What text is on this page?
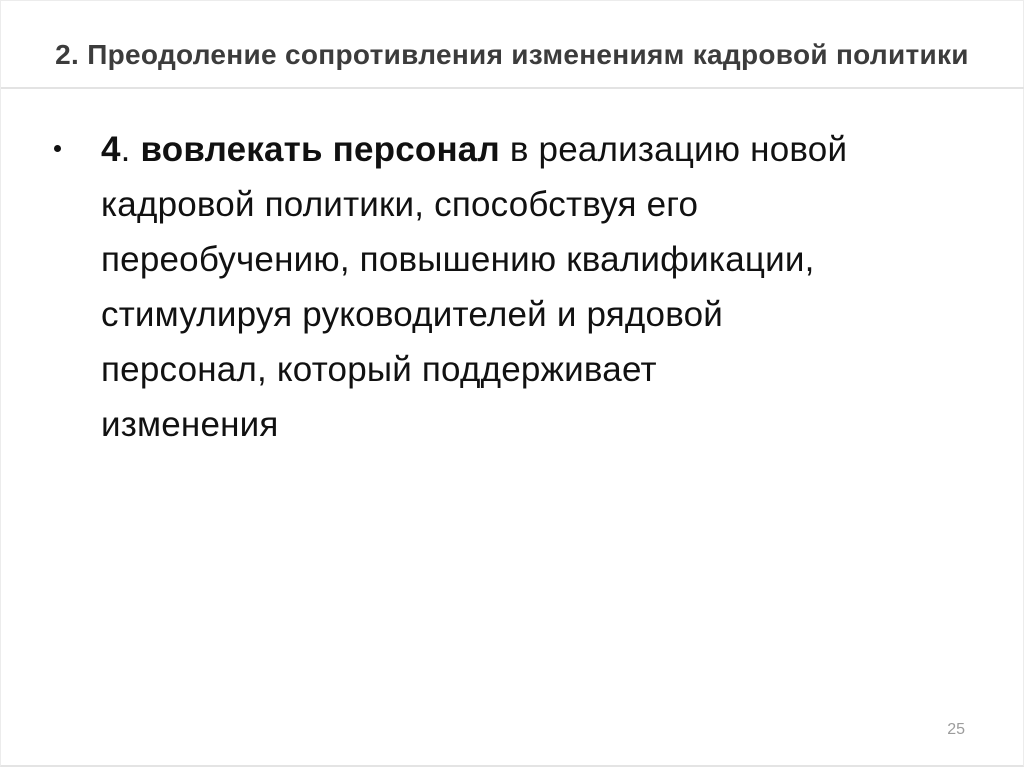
2. Преодоление сопротивления изменениям кадровой политики
4. вовлекать персонал в реализацию новой
кадровой политики, способствуя его
переобучению, повышению квалификации,
стимулируя руководителей и рядовой
персонал, который поддерживает
изменения
25
